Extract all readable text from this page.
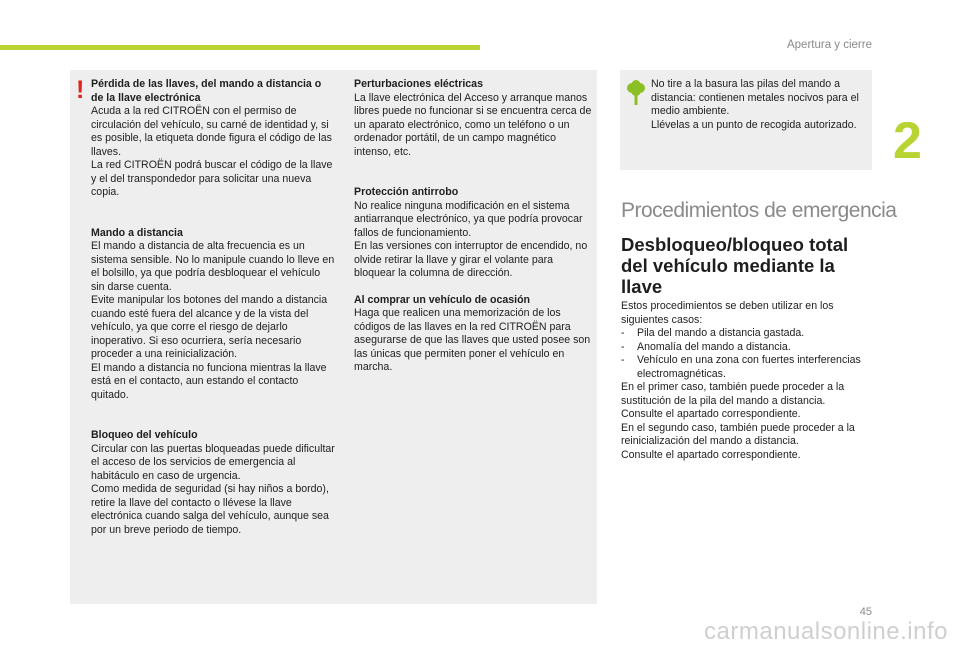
Apertura y cierre
2
! Pérdida de las llaves, del mando a distancia o de la llave electrónica
Acuda a la red CITROËN con el permiso de circulación del vehículo, su carné de identidad y, si es posible, la etiqueta donde figura el código de las llaves.
La red CITROËN podrá buscar el código de la llave y el del transpondedor para solicitar una nueva copia.
Mando a distancia
El mando a distancia de alta frecuencia es un sistema sensible. No lo manipule cuando lo lleve en el bolsillo, ya que podría desbloquear el vehículo sin darse cuenta.
Evite manipular los botones del mando a distancia cuando esté fuera del alcance y de la vista del vehículo, ya que corre el riesgo de dejarlo inoperativo. Si eso ocurriera, sería necesario proceder a una reinicialización.
El mando a distancia no funciona mientras la llave está en el contacto, aun estando el contacto quitado.
Bloqueo del vehículo
Circular con las puertas bloqueadas puede dificultar el acceso de los servicios de emergencia al habitáculo en caso de urgencia.
Como medida de seguridad (si hay niños a bordo), retire la llave del contacto o llévese la llave electrónica cuando salga del vehículo, aunque sea por un breve periodo de tiempo.
Perturbaciones eléctricas
La llave electrónica del Acceso y arranque manos libres puede no funcionar si se encuentra cerca de un aparato electrónico, como un teléfono o un ordenador portátil, de un campo magnético intenso, etc.
Protección antirrobo
No realice ninguna modificación en el sistema antiarranque electrónico, ya que podría provocar fallos de funcionamiento.
En las versiones con interruptor de encendido, no olvide retirar la llave y girar el volante para bloquear la columna de dirección.
Al comprar un vehículo de ocasión
Haga que realicen una memorización de los códigos de las llaves en la red CITROËN para asegurarse de que las llaves que usted posee son las únicas que permiten poner el vehículo en marcha.
No tire a la basura las pilas del mando a distancia: contienen metales nocivos para el medio ambiente.
Llévelas a un punto de recogida autorizado.
Procedimientos de emergencia
Desbloqueo/bloqueo total del vehículo mediante la llave

Estos procedimientos se deben utilizar en los siguientes casos:

- Pila del mando a distancia gastada.
- Anomalía del mando a distancia.
- Vehículo en una zona con fuertes interferencias electromagnéticas.

En el primer caso, también puede proceder a la sustitución de la pila del mando a distancia.

Consulte el apartado correspondiente.

En el segundo caso, también puede proceder a la reinicialización del mando a distancia.

Consulte el apartado correspondiente.

45
carmanualsonline.info
